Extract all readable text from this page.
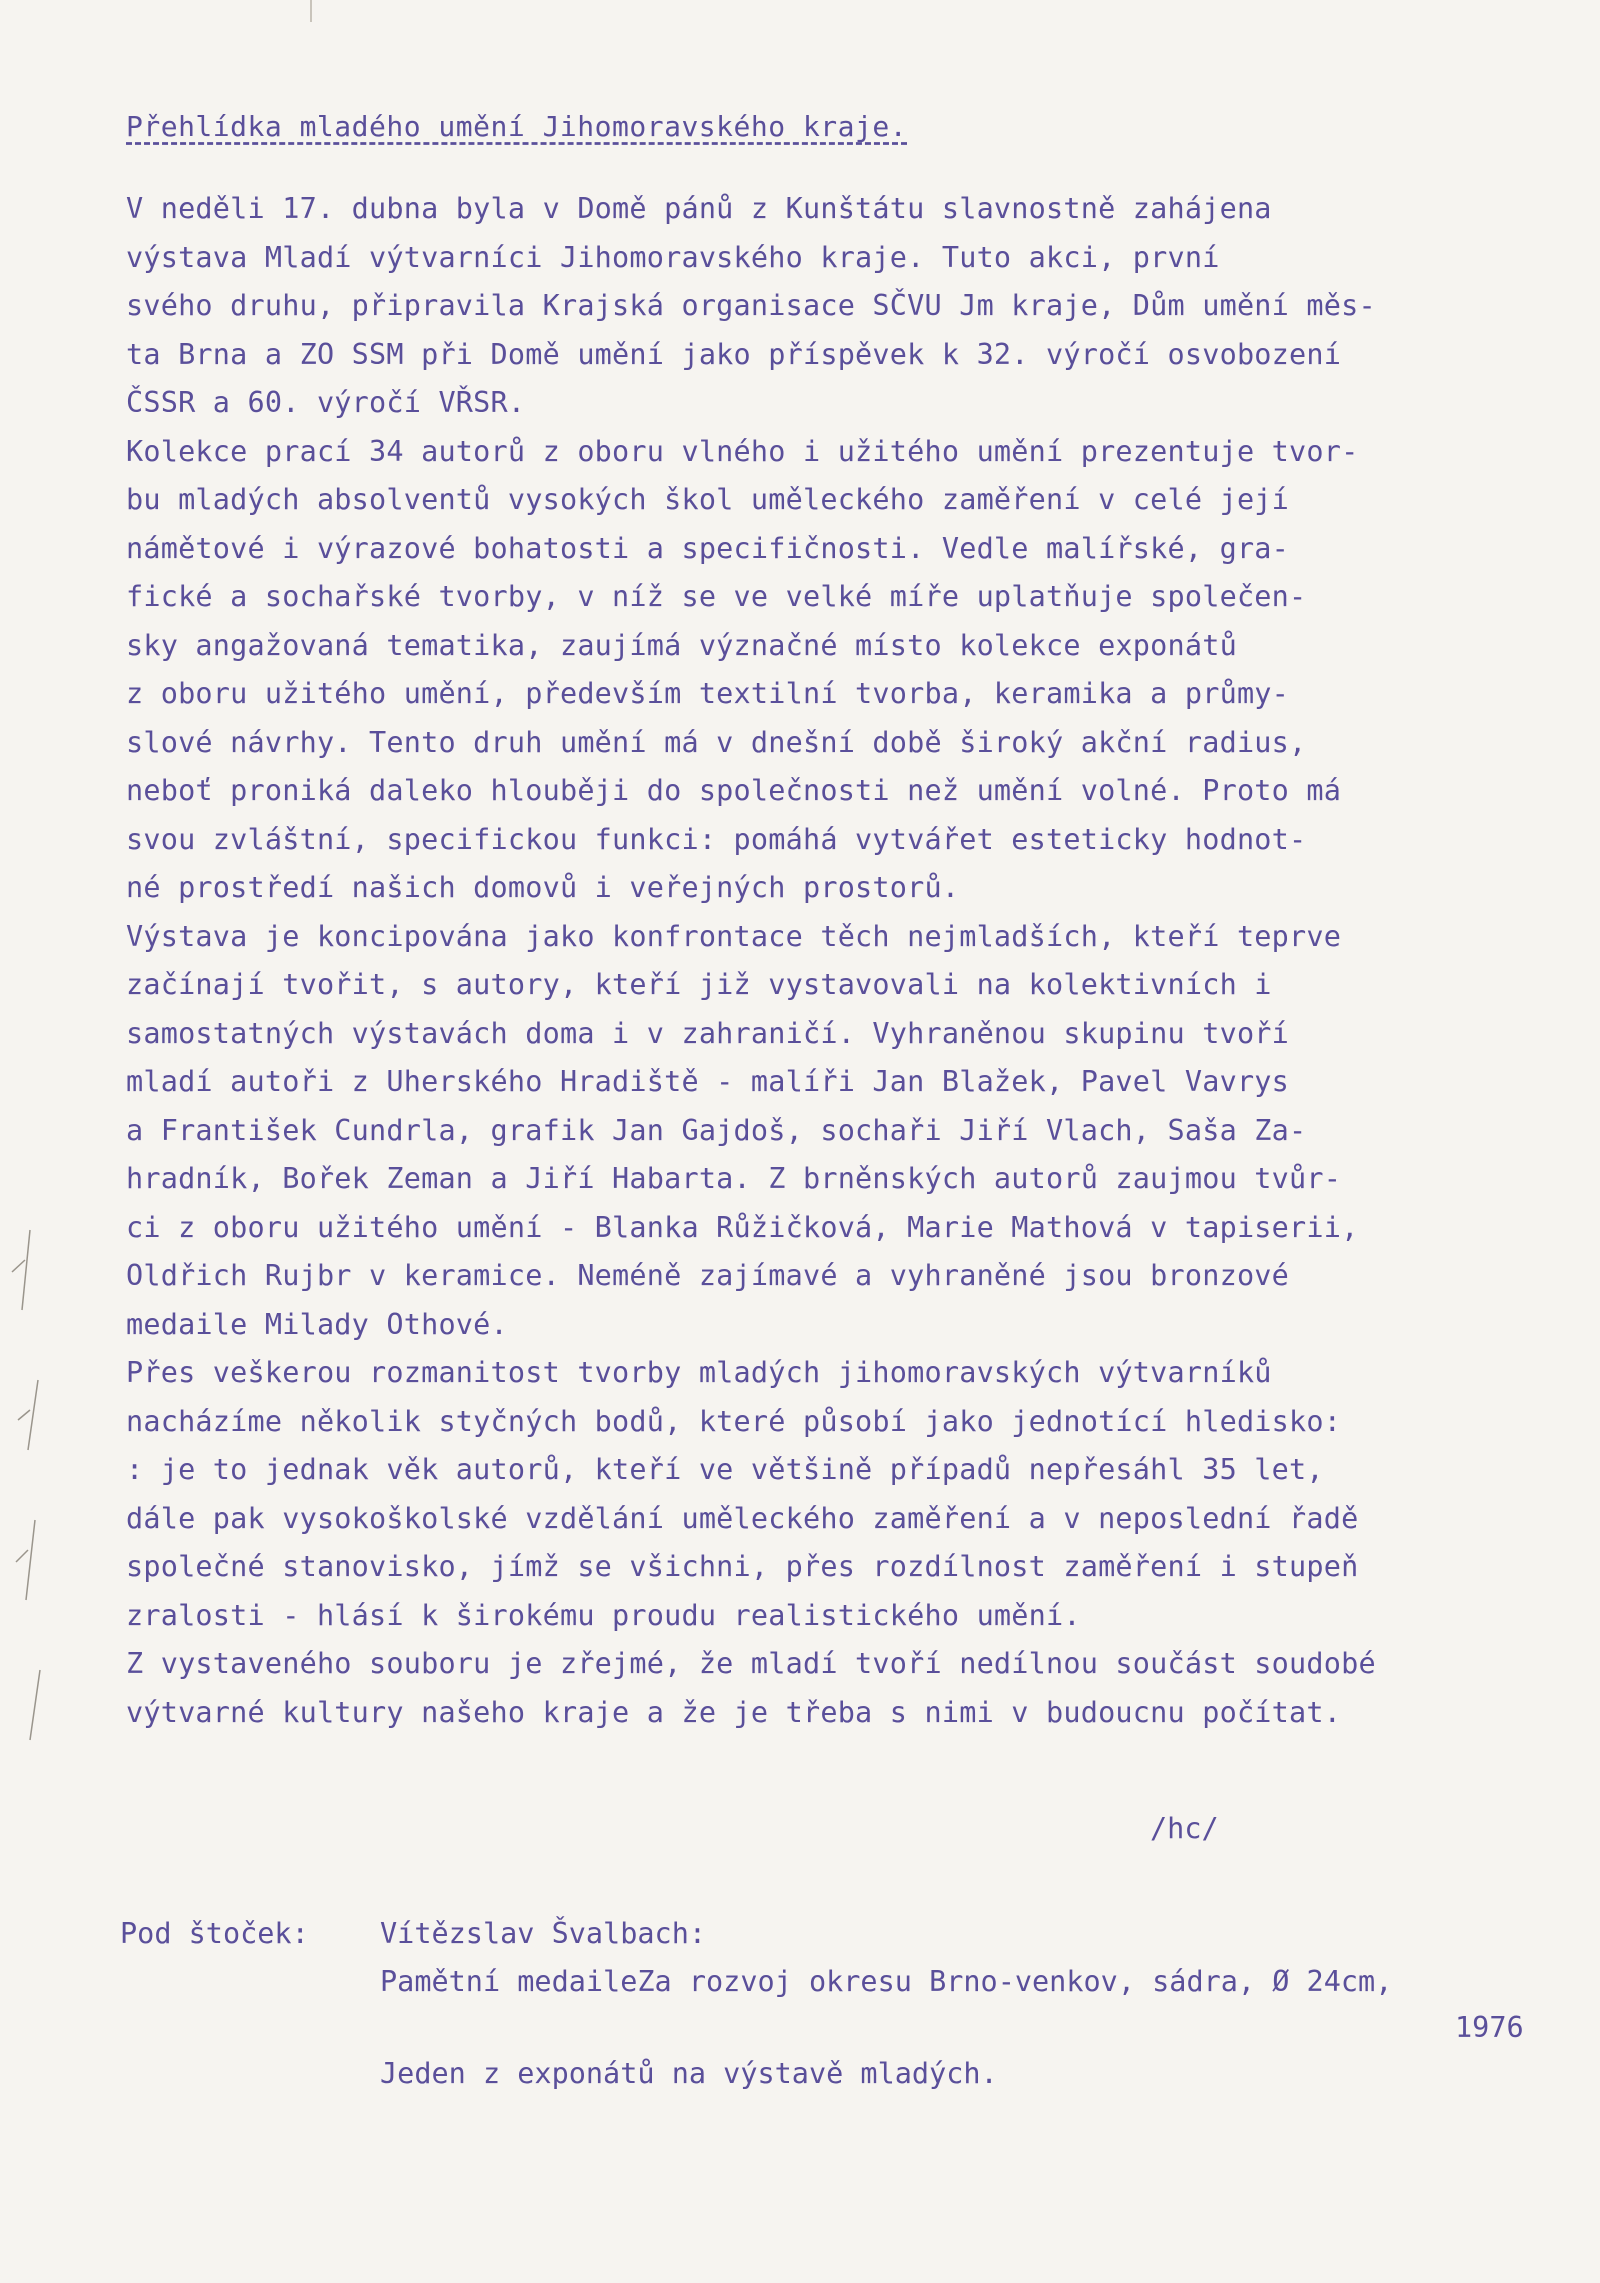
Přehlídka mladého umění Jihomoravského kraje.
V neděli 17. dubna byla v Domě pánů z Kunštátu slavnostně zahájena
výstava Mladí výtvarníci Jihomoravského kraje. Tuto akci, první
svého druhu, připravila Krajská organisace SČVU Jm kraje, Dům umění měs-
ta Brna a ZO SSM při Domě umění jako příspěvek k 32. výročí osvobození
ČSSR a 60. výročí VŘSR.
Kolekce prací 34 autorů z oboru vlného i užitého umění prezentuje tvor-
bu mladých absolventů vysokých škol uměleckého zaměření v celé její
námětové i výrazové bohatosti a specifičnosti. Vedle malířské, gra-
fické a sochařské tvorby, v níž se ve velké míře uplatňuje společen-
sky angažovaná tematika, zaujímá význačné místo kolekce exponátů
z oboru užitého umění, především textilní tvorba, keramika a průmy-
slové návrhy. Tento druh umění má v dnešní době široký akční radius,
neboť proniká daleko hlouběji do společnosti než umění volné. Proto má
svou zvláštní, specifickou funkci: pomáhá vytvářet esteticky hodnot-
né prostředí našich domovů i veřejných prostorů.
Výstava je koncipována jako konfrontace těch nejmladších, kteří teprve
začínají tvořit, s autory, kteří již vystavovali na kolektivních i
samostatných výstavách doma i v zahraničí. Vyhraněnou skupinu tvoří
mladí autoři z Uherského Hradiště - malíři Jan Blažek, Pavel Vavrys
a František Cundrla, grafik Jan Gajdoš, sochaři Jiří Vlach, Saša Za-
hradník, Bořek Zeman a Jiří Habarta. Z brněnských autorů zaujmou tvůr-
ci z oboru užitého umění - Blanka Růžičková, Marie Mathová v tapiserii,
Oldřich Rujbr v keramice. Neméně zajímavé a vyhraněné jsou bronzové
medaile Milady Othové.
Přes veškerou rozmanitost tvorby mladých jihomoravských výtvarníků
nacházíme několik styčných bodů, které působí jako jednotící hledisko:
: je to jednak věk autorů, kteří ve většině případů nepřesáhl 35 let,
dále pak vysokoškolské vzdělání uměleckého zaměření a v neposlední řadě
společné stanovisko, jímž se všichni, přes rozdílnost zaměření i stupeň
zralosti - hlásí k širokému proudu realistického umění.
Z vystaveného souboru je zřejmé, že mladí tvoří nedílnou součást soudobé
výtvarné kultury našeho kraje a že je třeba s nimi v budoucnu počítat.
/hc/
Pod štoček:	Vítězslav Švalbach:
Pamětní medaileZa rozvoj okresu Brno-venkov, sádra, Ø 24cm,
1976
Jeden z exponátů na výstavě mladých.
